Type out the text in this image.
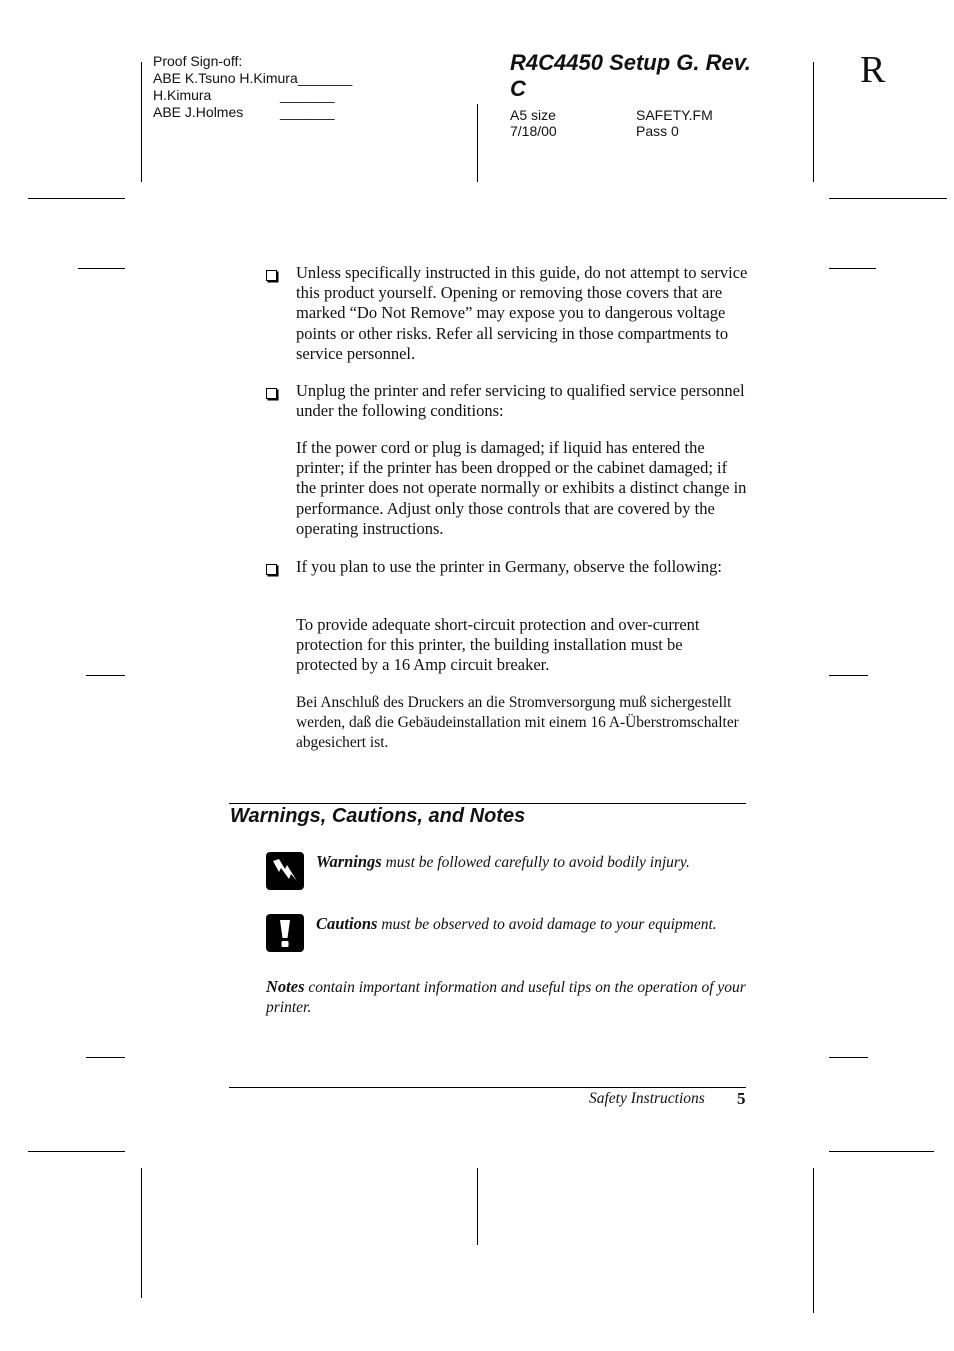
Proof Sign-off:
ABE K.Tsuno H.Kimura_______
H.Kimura	_______
ABE J.Holmes	_______
R4C4450 Setup G. Rev. C
A5 size	SAFETY.FM
7/18/00	Pass 0
R
Unless specifically instructed in this guide, do not attempt to service this product yourself. Opening or removing those covers that are marked “Do Not Remove” may expose you to dangerous voltage points or other risks. Refer all servicing in those compartments to service personnel.
Unplug the printer and refer servicing to qualified service personnel under the following conditions:
If the power cord or plug is damaged; if liquid has entered the printer; if the printer has been dropped or the cabinet damaged; if the printer does not operate normally or exhibits a distinct change in performance. Adjust only those controls that are covered by the operating instructions.
If you plan to use the printer in Germany, observe the following:
To provide adequate short-circuit protection and over-current protection for this printer, the building installation must be protected by a 16 Amp circuit breaker.
Bei Anschluß des Druckers an die Stromversorgung muß sichergestellt werden, daß die Gebäudeinstallation mit einem 16 A-Überstromschalter abgesichert ist.
Warnings, Cautions, and Notes
Warnings must be followed carefully to avoid bodily injury.
Cautions must be observed to avoid damage to your equipment.
Notes contain important information and useful tips on the operation of your printer.
Safety Instructions 5
